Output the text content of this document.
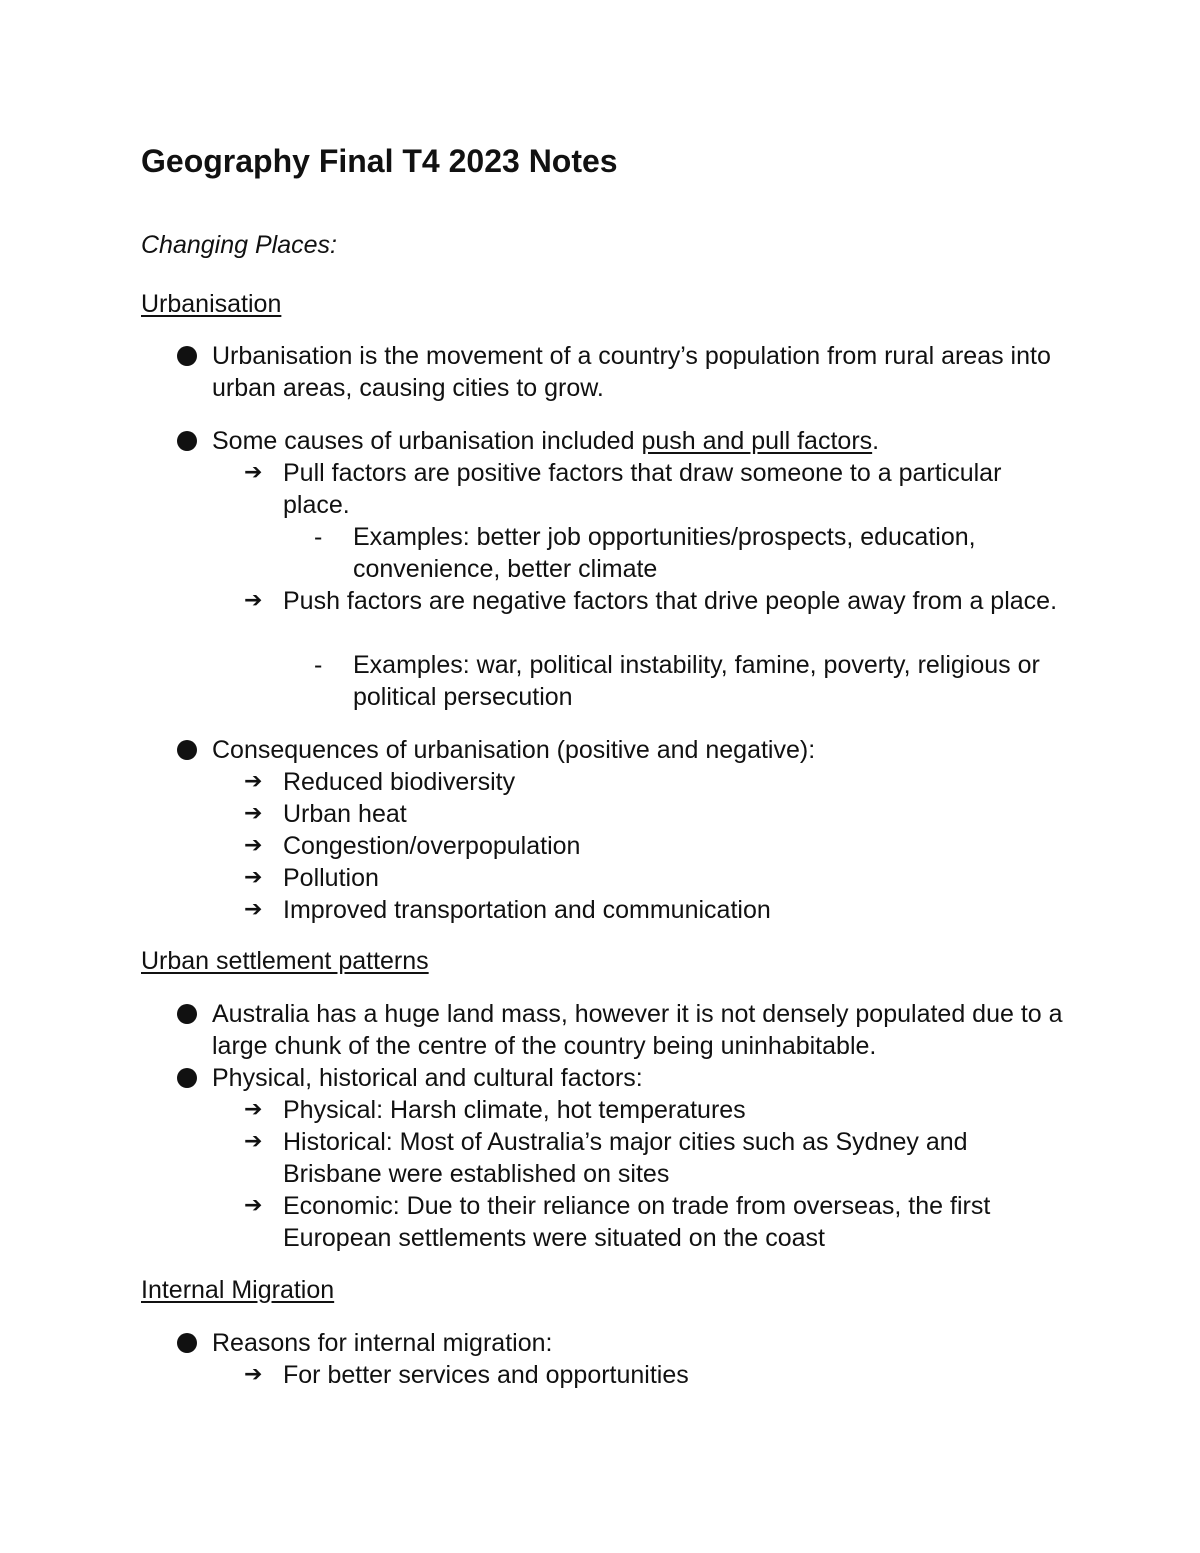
Geography Final T4 2023 Notes

Changing Places:

Urbanisation

Urbanisation is the movement of a country’s population from rural areas into urban areas, causing cities to grow.

Some causes of urbanisation included push and pull factors.

➔ Pull factors are positive factors that draw someone to a particular place.

-	Examples: better job opportunities/prospects, education, convenience, better climate

➔ Push factors are negative factors that drive people away from a place.

-	Examples: war, political instability, famine, poverty, religious or political persecution

Consequences of urbanisation (positive and negative):

➔ Reduced biodiversity

➔ Urban heat

➔ Congestion/overpopulation

➔ Pollution

➔ Improved transportation and communication

Urban settlement patterns

Australia has a huge land mass, however it is not densely populated due to a large chunk of the centre of the country being uninhabitable.

Physical, historical and cultural factors:

➔ Physical: Harsh climate, hot temperatures

➔ Historical: Most of Australia’s major cities such as Sydney and Brisbane were established on sites

➔ Economic: Due to their reliance on trade from overseas, the first European settlements were situated on the coast

Internal Migration

Reasons for internal migration:

➔ For better services and opportunities
